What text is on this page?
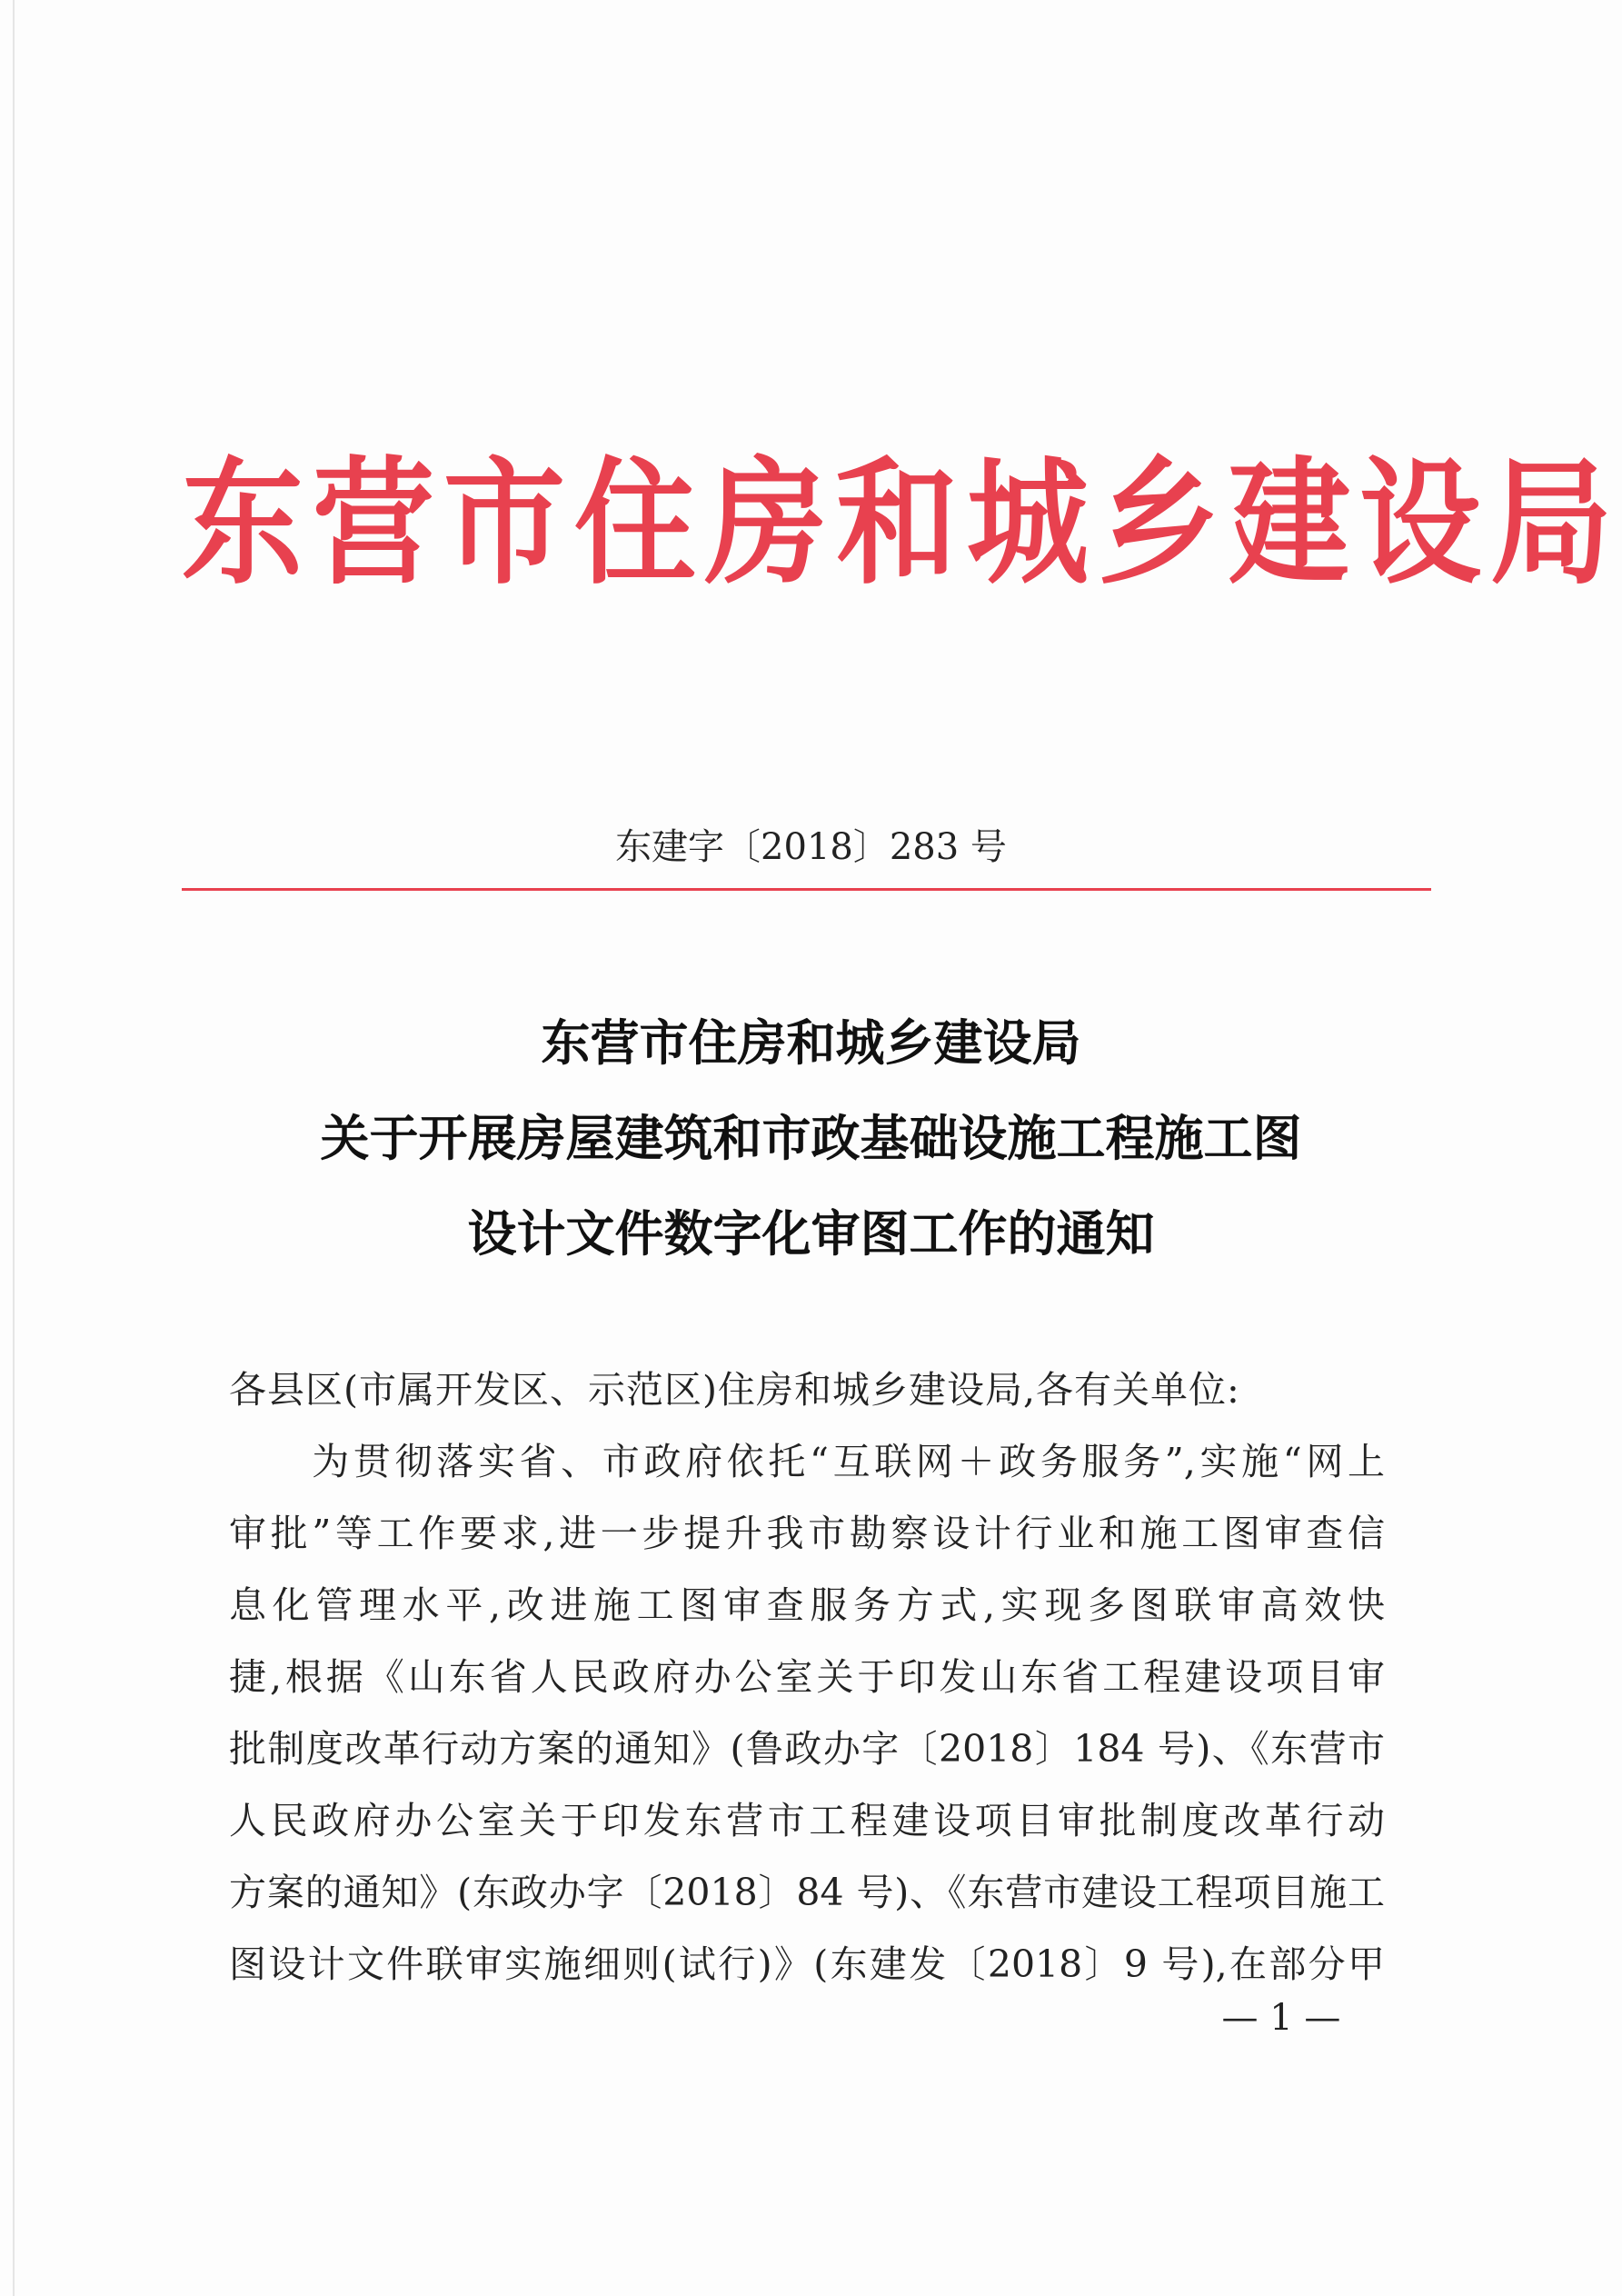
东营市住房和城乡建设局
东建字〔2018〕283 号
东营市住房和城乡建设局
关于开展房屋建筑和市政基础设施工程施工图
设计文件数字化审图工作的通知
各县区(市属开发区、示范区)住房和城乡建设局,各有关单位:
　　为贯彻落实省、市政府依托“互联网＋政务服务”,实施“网上
审批”等工作要求,进一步提升我市勘察设计行业和施工图审查信
息化管理水平,改进施工图审查服务方式,实现多图联审高效快
捷,根据《山东省人民政府办公室关于印发山东省工程建设项目审
批制度改革行动方案的通知》(鲁政办字〔2018〕184 号)、《东营市
人民政府办公室关于印发东营市工程建设项目审批制度改革行动
方案的通知》(东政办字〔2018〕84 号)、《东营市建设工程项目施工
图设计文件联审实施细则(试行)》(东建发〔2018〕9 号),在部分甲
— 1 —
